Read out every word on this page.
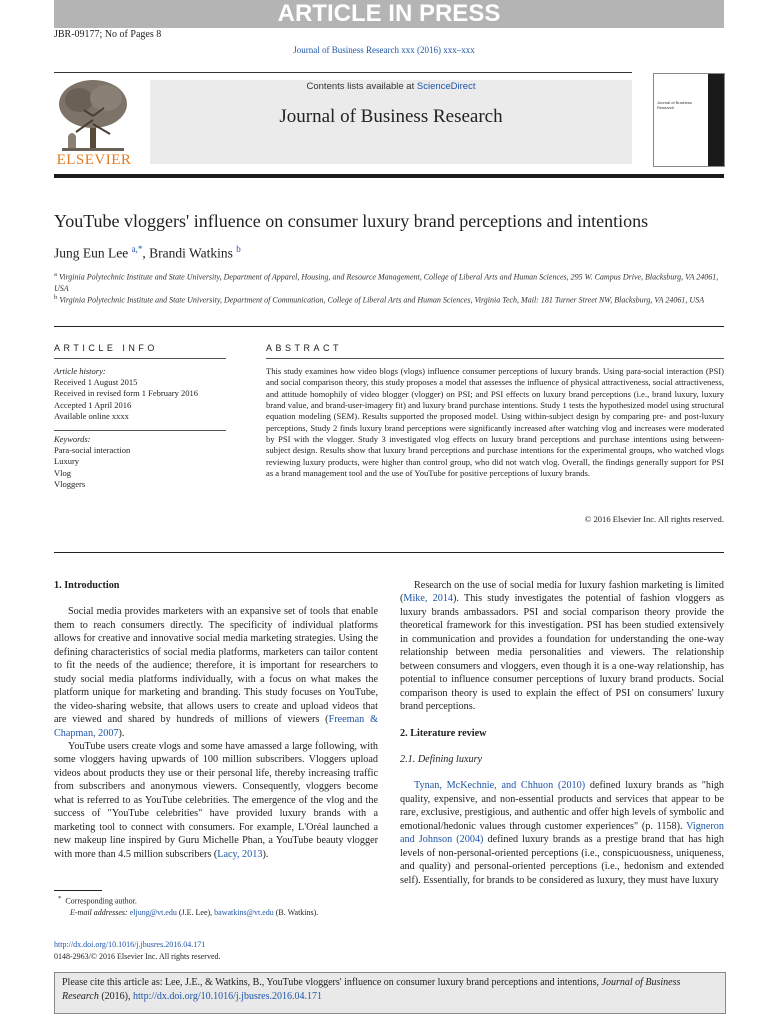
ARTICLE IN PRESS
JBR-09177; No of Pages 8
Journal of Business Research xxx (2016) xxx–xxx
ELSEVIER
Contents lists available at ScienceDirect
Journal of Business Research
Journal of Business Research
YouTube vloggers' influence on consumer luxury brand perceptions and intentions
Jung Eun Lee $^{a,*}$, Brandi Watkins $^b$
$^a$ Virginia Polytechnic Institute and State University, Department of Apparel, Housing, and Resource Management, College of Liberal Arts and Human Sciences, 295 W. Campus Drive, Blacksburg, VA 24061, USA
$^b$ Virginia Polytechnic Institute and State University, Department of Communication, College of Liberal Arts and Human Sciences, Virginia Tech, Mail: 181 Turner Street NW, Blacksburg, VA 24061, USA
ARTICLE INFO
Article history:
Received 1 August 2015
Received in revised form 1 February 2016
Accepted 1 April 2016
Available online xxxx
Keywords:
Para-social interaction
Luxury
Vlog
Vloggers
ABSTRACT
This study examines how video blogs (vlogs) influence consumer perceptions of luxury brands. Using para-social interaction (PSI) and social comparison theory, this study proposes a model that assesses the influence of physical attractiveness, social attractiveness, and attitude homophily of video blogger (vlogger) on PSI; and PSI effects on luxury brand perceptions (i.e., brand luxury, luxury brand value, and brand-user-imagery fit) and luxury brand purchase intentions. Study 1 tests the hypothesized model using structural equation modeling (SEM). Results supported the proposed model. Using within-subject design by comparing pre- and post-luxury perceptions, Study 2 finds luxury brand perceptions were significantly increased after watching vlog and increases were moderated by PSI with the vlogger. Study 3 investigated vlog effects on luxury brand perceptions and purchase intentions using between-subject design. Results show that luxury brand perceptions and purchase intentions for the experimental groups, who watched vlogs reviewing luxury products, were higher than control group, who did not watch vlog. Overall, the findings generally support for PSI as a brand management tool and the use of YouTube for positive perceptions of luxury brands.
© 2016 Elsevier Inc. All rights reserved.
1. Introduction

Social media provides marketers with an expansive set of tools that enable them to reach consumers directly. The specificity of individual platforms allows for creative and innovative social media marketing strategies. Using the defining characteristics of social media platforms, marketers can tailor content to fit the needs of the audience; therefore, it is important for researchers to study social media platforms individually, with a focus on what makes the platform unique for marketing and branding. This study focuses on YouTube, the video-sharing website, that allows users to create and upload videos that are viewed and shared by hundreds of millions of viewers (Freeman & Chapman, 2007).

YouTube users create vlogs and some have amassed a large following, with some vloggers having upwards of 100 million subscribers. Vloggers upload videos about products they use or their personal life, thereby increasing traffic from subscribers and anonymous viewers. Consequently, vloggers become what is referred to as YouTube celebrities. The emergence of the vlog and the success of "YouTube celebrities" have provided luxury brands with a marketing tool to connect with consumers. For example, L'Oréal launched a new makeup line inspired by Guru Michelle Phan, a YouTube beauty vlogger with more than 4.5 million subscribers (Lacy, 2013).

Research on the use of social media for luxury fashion marketing is limited (Mike, 2014). This study investigates the potential of fashion vloggers as luxury brands ambassadors. PSI and social comparison theory provide the theoretical framework for this investigation. PSI has been studied extensively in communication and provides a foundation for understanding the one-way relationship between media personalities and viewers. The relationship between consumers and vloggers, even though it is a one-way relationship, has potential to influence consumer perceptions of luxury brand products. Social comparison theory is used to explain the effect of PSI on consumers' luxury brand perceptions.

2. Literature review
2.1. Defining luxury

Tynan, McKechnie, and Chhuon (2010) defined luxury brands as "high quality, expensive, and non-essential products and services that appear to be rare, exclusive, prestigious, and authentic and offer high levels of symbolic and emotional/hedonic values through customer experiences" (p. 1158). Vigneron and Johnson (2004) defined luxury brands as a prestige brand that has high levels of non-personal-oriented perceptions (i.e., conspicuousness, uniqueness, and quality) and personal-oriented perceptions (i.e., hedonism and extended self). Essentially, for brands to be considered as luxury, they must have luxury

* Corresponding author.
E-mail addresses: eljung@vt.edu (J.E. Lee), bawatkins@vt.edu (B. Watkins).
http://dx.doi.org/10.1016/j.jbusres.2016.04.171
0148-2963/© 2016 Elsevier Inc. All rights reserved.
Please cite this article as: Lee, J.E., & Watkins, B., YouTube vloggers' influence on consumer luxury brand perceptions and intentions, Journal of Business Research (2016), http://dx.doi.org/10.1016/j.jbusres.2016.04.171
